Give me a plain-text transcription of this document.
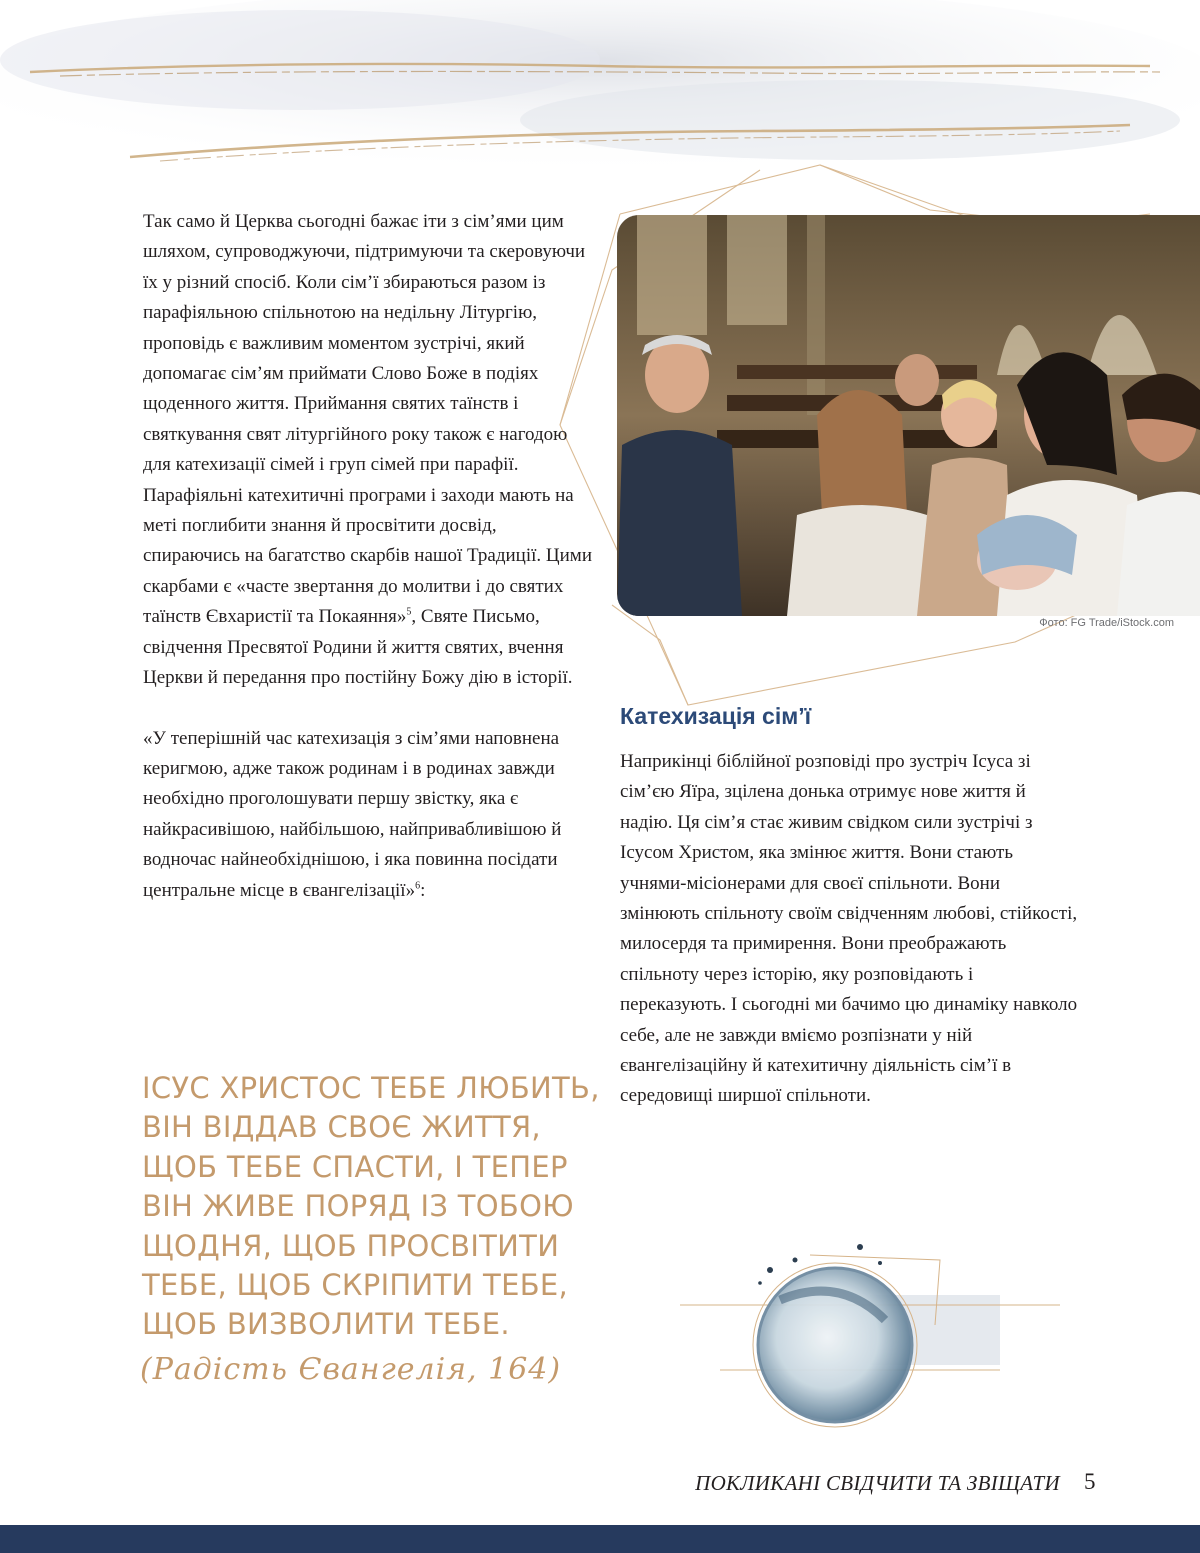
Так само й Церква сьогодні бажає іти з сім’ями цим шляхом, супроводжуючи, підтримуючи та скеровуючи їх у різний спосіб. Коли сім’ї збираються разом із парафіяльною спільнотою на недільну Літургію, проповідь є важливим моментом зустрічі, який допомагає сім’ям приймати Слово Боже в подіях щоденного життя. Приймання святих таїнств і святкування свят літургійного року також є нагодою для катехизації сімей і груп сімей при парафії. Парафіяльні катехитичні програми і заходи мають на меті поглибити знання й просвітити досвід, спираючись на багатство скарбів нашої Традиції. Цими скарбами є «часте звертання до молитви і до святих таїнств Євхаристії та Покаяння»$^5$, Святе Письмо, свідчення Пресвятої Родини й життя святих, вчення Церкви й передання про постійну Божу дію в історії.

«У теперішній час катехизація з сім’ями наповнена керигмою, адже також родинам і в родинах завжди необхідно проголошувати першу звістку, яка є найкрасивішою, найбільшою, найпривабливішою й водночас найнеобхіднішою, і яка повинна посідати центральне місце в євангелізації»$^6$:

ІСУС ХРИСТОС ТЕБЕ ЛЮБИТЬ, ВІН ВІДДАВ СВОЄ ЖИТТЯ, ЩОБ ТЕБЕ СПАСТИ, І ТЕПЕР ВІН ЖИВЕ ПОРЯД ІЗ ТОБОЮ ЩОДНЯ, ЩОБ ПРОСВІТИТИ ТЕБЕ, ЩОБ СКРІПИТИ ТЕБЕ, ЩОБ ВИЗВОЛИТИ ТЕБЕ.
(Радість Євангелія, 164)
Фото: FG Trade/iStock.com
Катехизація сім’ї

Наприкінці біблійної розповіді про зустріч Ісуса зі сім’єю Яїра, зцілена донька отримує нове життя й надію. Ця сім’я стає живим свідком сили зустрічі з Ісусом Христом, яка змінює життя. Вони стають учнями-місіонерами для своєї спільноти. Вони змінюють спільноту своїм свідченням любові, стійкості, милосердя та примирення. Вони преображають спільноту через історію, яку розповідають і переказують. І сьогодні ми бачимо цю динаміку навколо себе, але не завжди вміємо розпізнати у ній євангелізаційну й катехитичну діяльність сім’ї в середовищі ширшої спільноти.

ПОКЛИКАНІ СВІДЧИТИ ТА ЗВІЩАТИ 5
